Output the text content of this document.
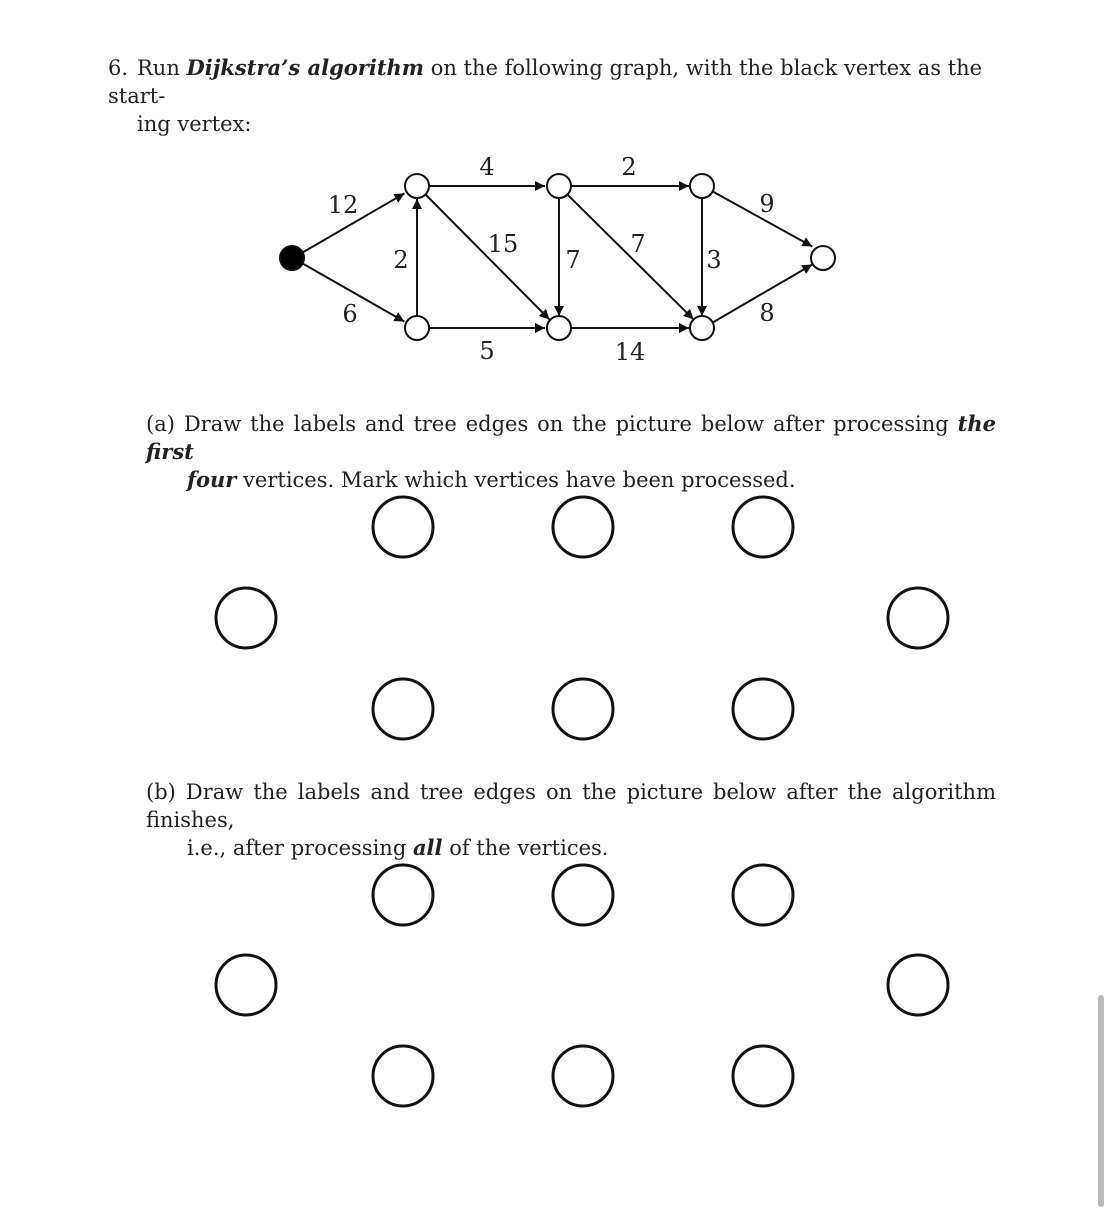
6. Run Dijkstra’s algorithm on the following graph, with the black vertex as the start-
ing vertex:
12
6
2
4
15
5
7
2
7
14
3
9
8
(a) Draw the labels and tree edges on the picture below after processing the first
four vertices. Mark which vertices have been processed.
(b) Draw the labels and tree edges on the picture below after the algorithm finishes,
i.e., after processing all of the vertices.
